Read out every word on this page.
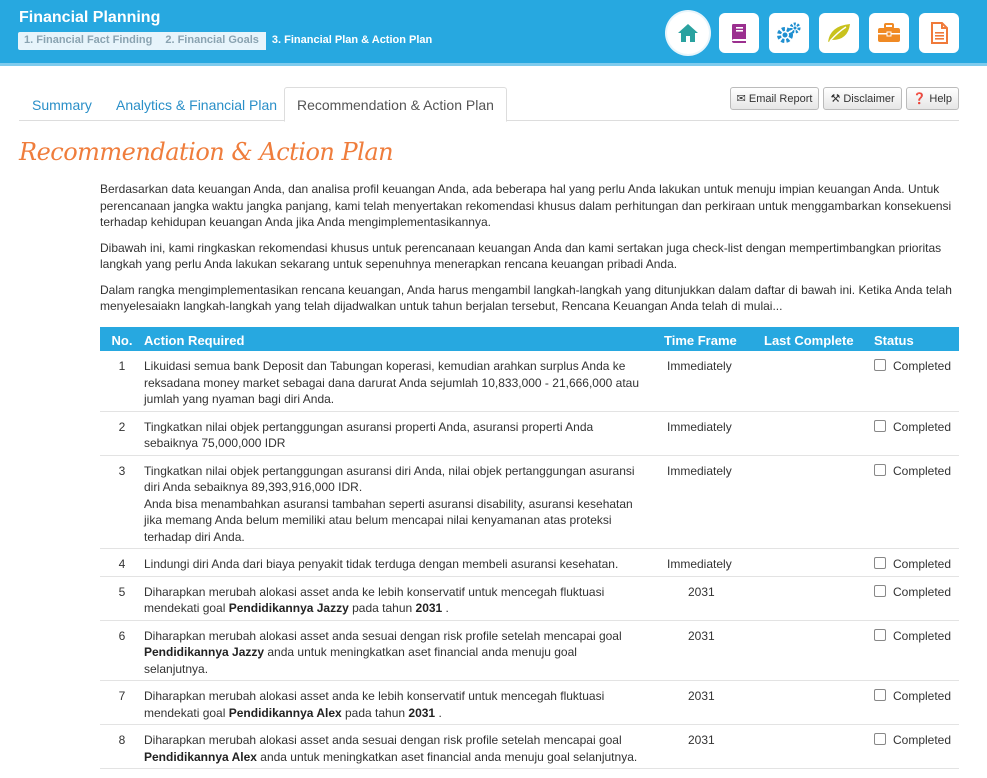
Financial Planning
1. Financial Fact Finding	2. Financial Goals	3. Financial Plan & Action Plan
Summary Analytics & Financial Plan	Recommendation & Action Plan	✉ Email Report ⚒ Disclaimer ❓ Help
Recommendation & Action Plan

Berdasarkan data keuangan Anda, dan analisa profil keuangan Anda, ada beberapa hal yang perlu Anda lakukan untuk menuju impian keuangan Anda. Untuk perencanaan jangka waktu jangka panjang, kami telah menyertakan rekomendasi khusus dalam perhitungan dan perkiraan untuk menggambarkan konsekuensi terhadap kehidupan keuangan Anda jika Anda mengimplementasikannya.

Dibawah ini, kami ringkaskan rekomendasi khusus untuk perencanaan keuangan Anda dan kami sertakan juga check-list dengan mempertimbangkan prioritas langkah yang perlu Anda lakukan sekarang untuk sepenuhnya menerapkan rencana keuangan pribadi Anda.

Dalam rangka mengimplementasikan rencana keuangan, Anda harus mengambil langkah-langkah yang ditunjukkan dalam daftar di bawah ini. Ketika Anda telah menyelesaiakn langkah-langkah yang telah dijadwalkan untuk tahun berjalan tersebut, Rencana Keuangan Anda telah di mulai...

No.	Action Required	Time Frame	Last Complete	Status
1	Likuidasi semua bank Deposit dan Tabungan koperasi, kemudian arahkan surplus Anda ke reksadana money market sebagai dana darurat Anda sejumlah 10,833,000 - 21,666,000 atau jumlah yang nyaman bagi diri Anda.	Immediately		Completed
2	Tingkatkan nilai objek pertanggungan asuransi properti Anda, asuransi properti Anda sebaiknya 75,000,000 IDR	Immediately		Completed
3	Tingkatkan nilai objek pertanggungan asuransi diri Anda, nilai objek pertanggungan asuransi diri Anda sebaiknya 89,393,916,000 IDR.
Anda bisa menambahkan asuransi tambahan seperti asuransi disability, asuransi kesehatan jika memang Anda belum memiliki atau belum mencapai nilai kenyamanan atas proteksi terhadap diri Anda.	Immediately		Completed
4	Lindungi diri Anda dari biaya penyakit tidak terduga dengan membeli asuransi kesehatan.	Immediately		Completed
5	Diharapkan merubah alokasi asset anda ke lebih konservatif untuk mencegah fluktuasi mendekati goal Pendidikannya Jazzy pada tahun 2031 .	2031		Completed
6	Diharapkan merubah alokasi asset anda sesuai dengan risk profile setelah mencapai goal Pendidikannya Jazzy anda untuk meningkatkan aset financial anda menuju goal selanjutnya.	2031		Completed
7	Diharapkan merubah alokasi asset anda ke lebih konservatif untuk mencegah fluktuasi mendekati goal Pendidikannya Alex pada tahun 2031 .	2031		Completed
8	Diharapkan merubah alokasi asset anda sesuai dengan risk profile setelah mencapai goal Pendidikannya Alex anda untuk meningkatkan aset financial anda menuju goal selanjutnya.	2031		Completed
